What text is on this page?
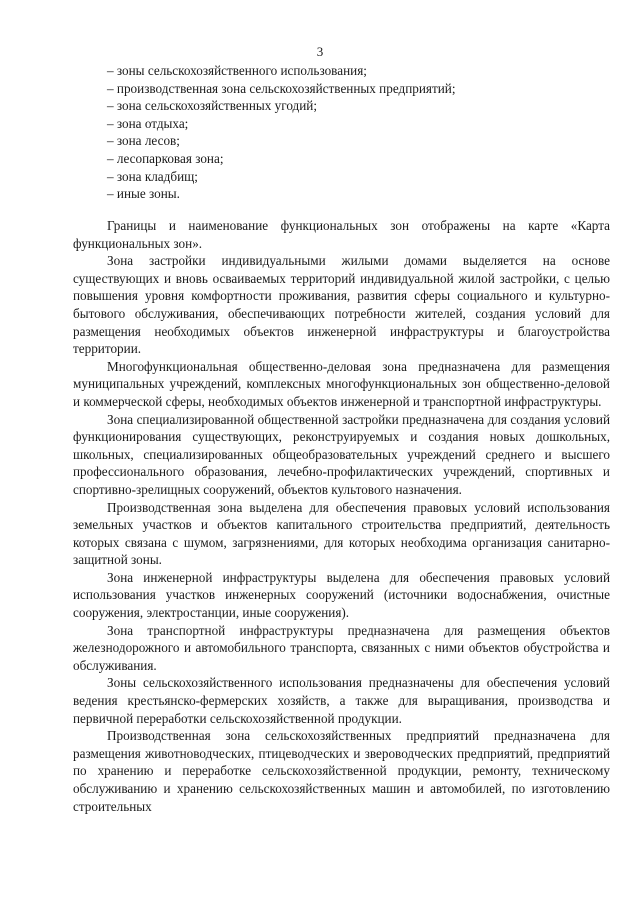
3
– зоны сельскохозяйственного использования;
– производственная зона сельскохозяйственных предприятий;
– зона сельскохозяйственных угодий;
– зона отдыха;
– зона лесов;
– лесопарковая зона;
– зона кладбищ;
– иные зоны.

Границы и наименование функциональных зон отображены на карте «Карта функциональных зон».

Зона застройки индивидуальными жилыми домами выделяется на основе существующих и вновь осваиваемых территорий индивидуальной жилой застройки, с целью повышения уровня комфортности проживания, развития сферы социального и культурно-бытового обслуживания, обеспечивающих потребности жителей, создания условий для размещения необходимых объектов инженерной инфраструктуры и благоустройства территории.

Многофункциональная общественно-деловая зона предназначена для размещения муниципальных учреждений, комплексных многофункциональных зон общественно-деловой и коммерческой сферы, необходимых объектов инженерной и транспортной инфраструктуры.

Зона специализированной общественной застройки предназначена для создания условий функционирования существующих, реконструируемых и создания новых дошкольных, школьных, специализированных общеобразовательных учреждений среднего и высшего профессионального образования, лечебно-профилактических учреждений, спортивных и спортивно-зрелищных сооружений, объектов культового назначения.

Производственная зона выделена для обеспечения правовых условий использования земельных участков и объектов капитального строительства предприятий, деятельность которых связана с шумом, загрязнениями, для которых необходима организация санитарно-защитной зоны.

Зона инженерной инфраструктуры выделена для обеспечения правовых условий использования участков инженерных сооружений (источники водоснабжения, очистные сооружения, электростанции, иные сооружения).

Зона транспортной инфраструктуры предназначена для размещения объектов железнодорожного и автомобильного транспорта, связанных с ними объектов обустройства и обслуживания.

Зоны сельскохозяйственного использования предназначены для обеспечения условий ведения крестьянско-фермерских хозяйств, а также для выращивания, производства и первичной переработки сельскохозяйственной продукции.

Производственная зона сельскохозяйственных предприятий предназначена для размещения животноводческих, птицеводческих и звероводческих предприятий, предприятий по хранению и переработке сельскохозяйственной продукции, ремонту, техническому обслуживанию и хранению сельскохозяйственных машин и автомобилей, по изготовлению строительных
